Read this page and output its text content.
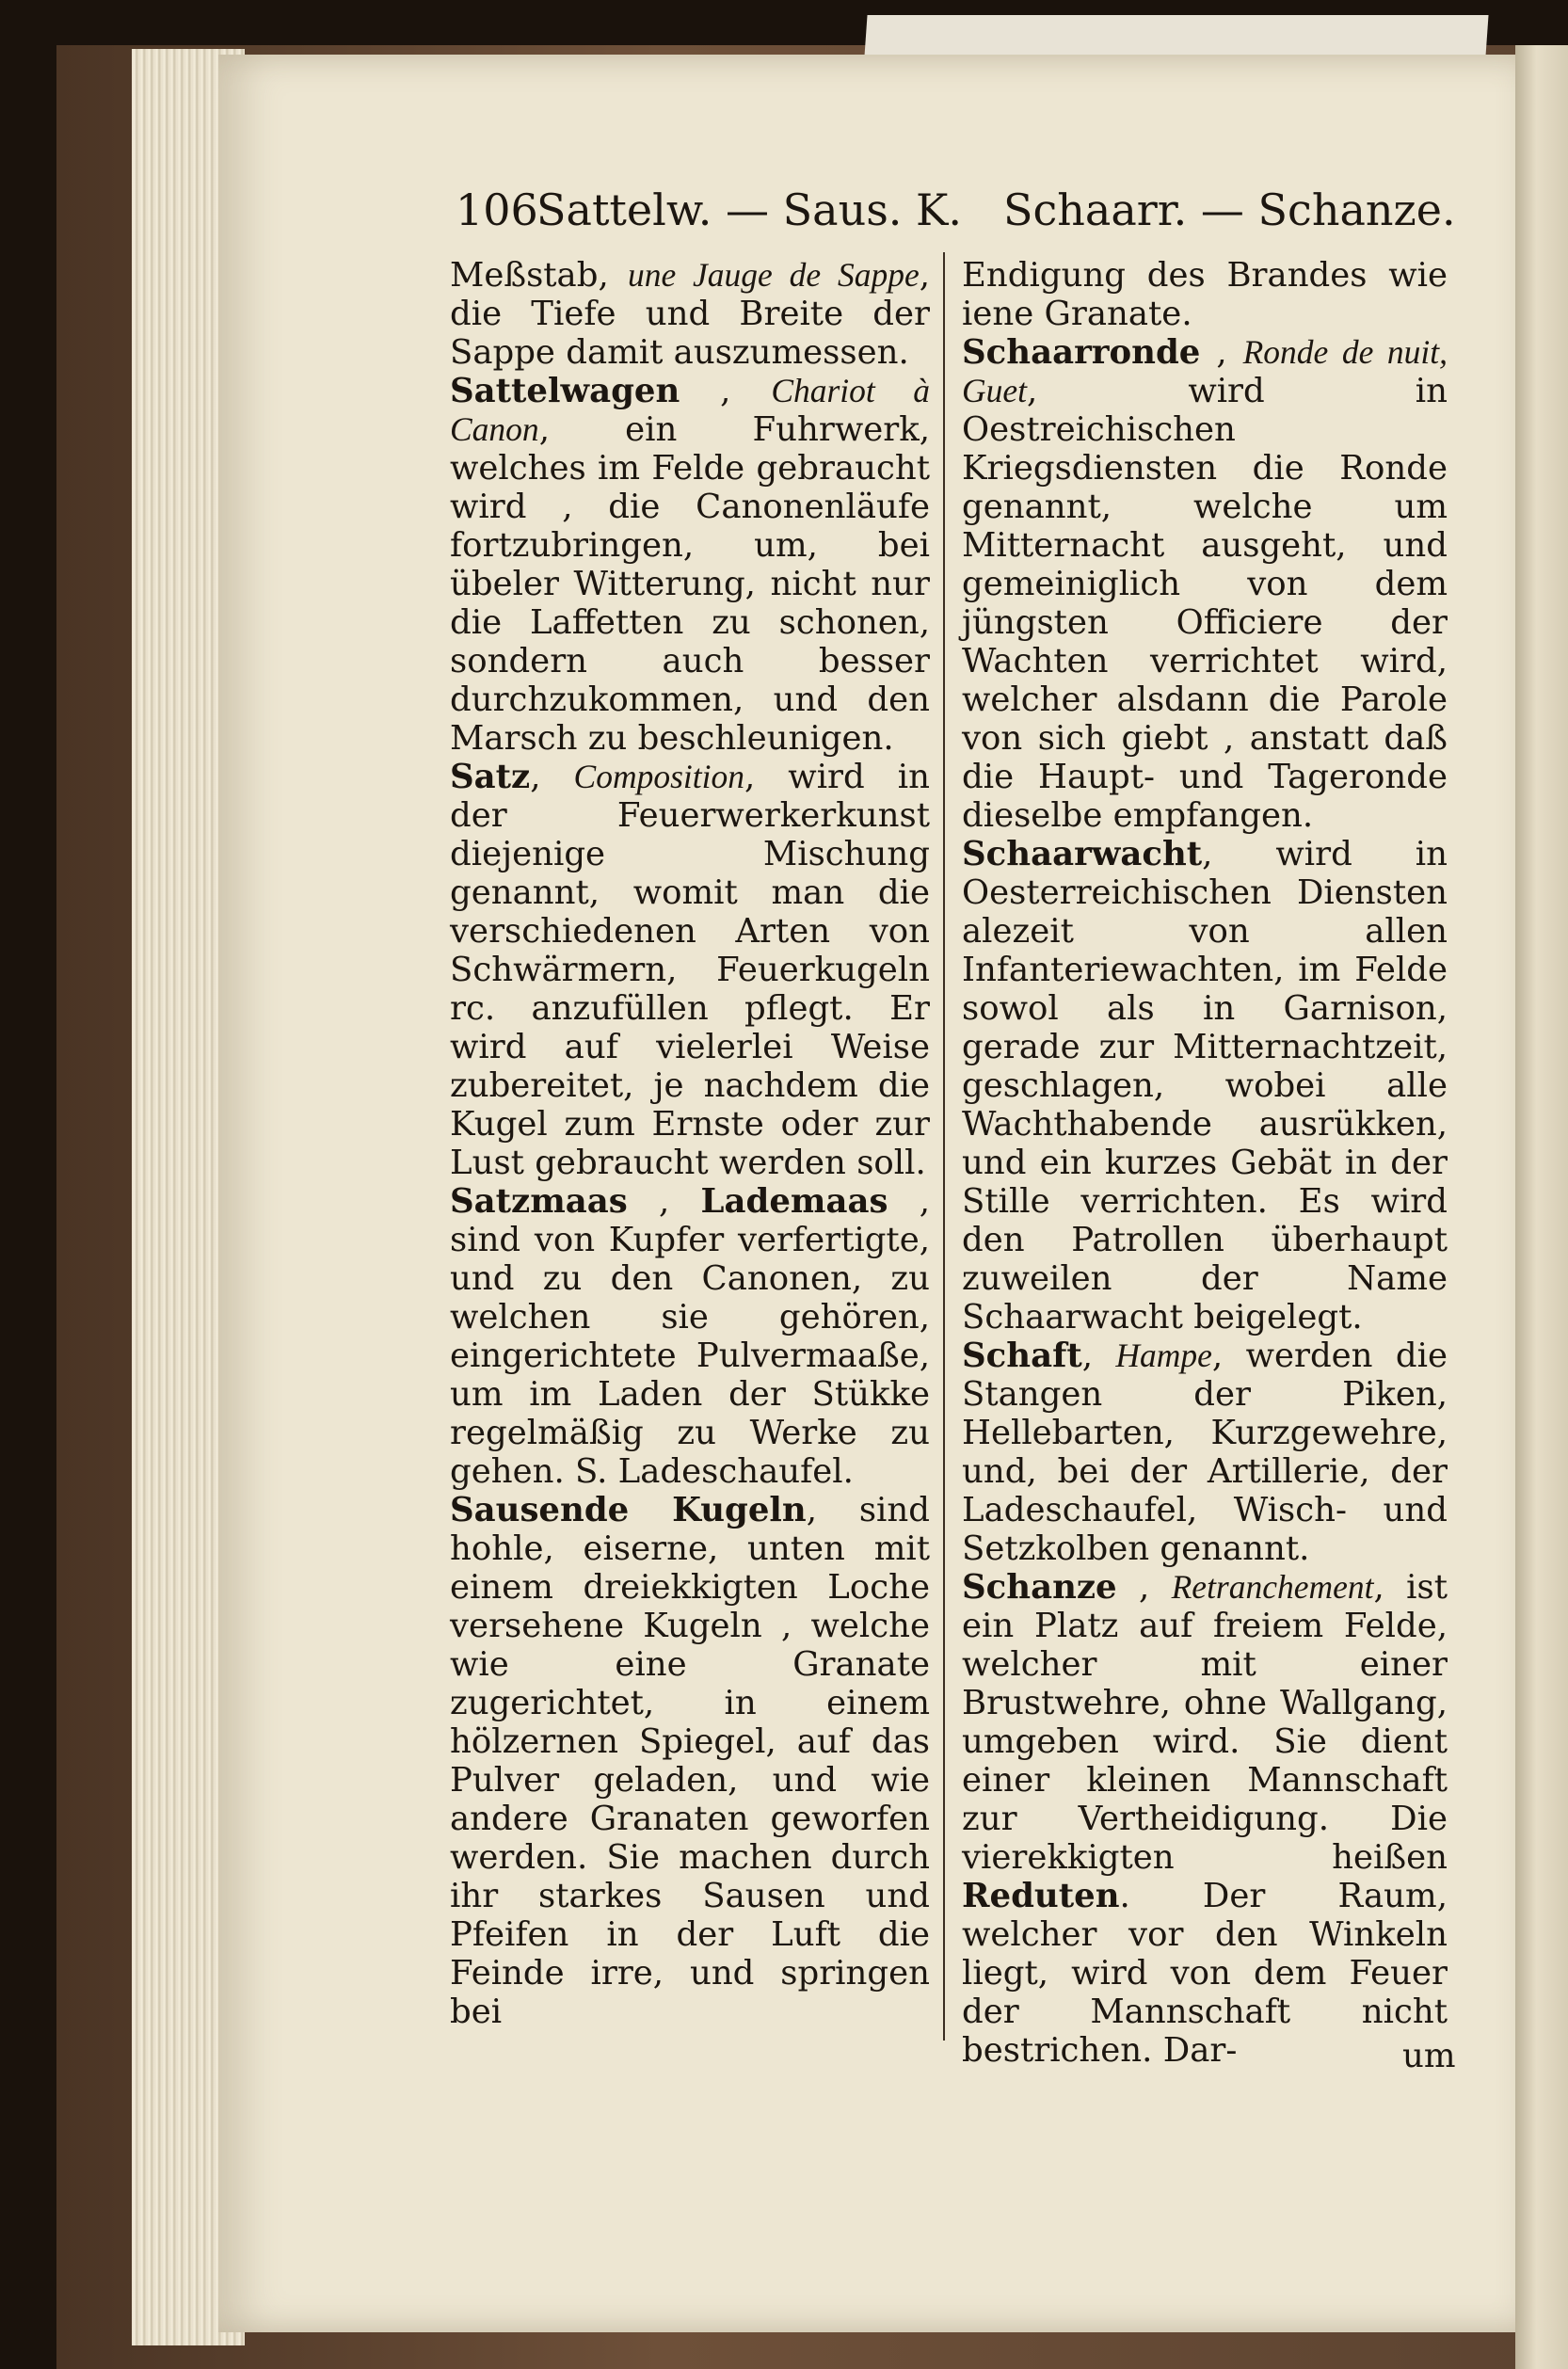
106
Sattelw. — Saus. K. Schaarr. — Schanze.

Meßstab, une Jauge de Sappe, die Tiefe und Breite der Sappe damit auszumessen.

Sattelwagen , Chariot à Canon, ein Fuhrwerk, welches im Felde gebraucht wird , die Canonenläufe fortzubringen, um, bei übeler Witterung, nicht nur die Laffetten zu schonen, sondern auch besser durchzukommen, und den Marsch zu beschleunigen.

Satz, Composition, wird in der Feuerwerkerkunst diejenige Mischung genannt, womit man die verschiedenen Arten von Schwärmern, Feuerkugeln rc. anzufüllen pflegt. Er wird auf vielerlei Weise zubereitet, je nachdem die Kugel zum Ernste oder zur Lust gebraucht werden soll.

Satzmaas , Lademaas , sind von Kupfer verfertigte, und zu den Canonen, zu welchen sie gehören, eingerichtete Pulvermaaße, um im Laden der Stükke regelmäßig zu Werke zu gehen. S. Ladeschaufel.

Sausende Kugeln, sind hohle, eiserne, unten mit einem dreiekkigten Loche versehene Kugeln , welche wie eine Granate zugerichtet, in einem hölzernen Spiegel, auf das Pulver geladen, und wie andere Granaten geworfen werden. Sie machen durch ihr starkes Sausen und Pfeifen in der Luft die Feinde irre, und springen bei

Endigung des Brandes wie iene Granate.

Schaarronde , Ronde de nuit, Guet, wird in Oestreichischen Kriegsdiensten die Ronde genannt, welche um Mitternacht ausgeht, und gemeiniglich von dem jüngsten Officiere der Wachten verrichtet wird, welcher alsdann die Parole von sich giebt , anstatt daß die Haupt- und Tageronde dieselbe empfangen.

Schaarwacht, wird in Oesterreichischen Diensten alezeit von allen Infanteriewachten, im Felde sowol als in Garnison, gerade zur Mitternachtzeit, geschlagen, wobei alle Wachthabende ausrükken, und ein kurzes Gebät in der Stille verrichten. Es wird den Patrollen überhaupt zuweilen der Name Schaarwacht beigelegt.

Schaft, Hampe, werden die Stangen der Piken, Hellebarten, Kurzgewehre, und, bei der Artillerie, der Ladeschaufel, Wisch- und Setzkolben genannt.

Schanze , Retranchement, ist ein Platz auf freiem Felde, welcher mit einer Brustwehre, ohne Wallgang, umgeben wird. Sie dient einer kleinen Mannschaft zur Vertheidigung. Die vierekkigten heißen Reduten. Der Raum, welcher vor den Winkeln liegt, wird von dem Feuer der Mannschaft nicht bestrichen. Dar-	um
